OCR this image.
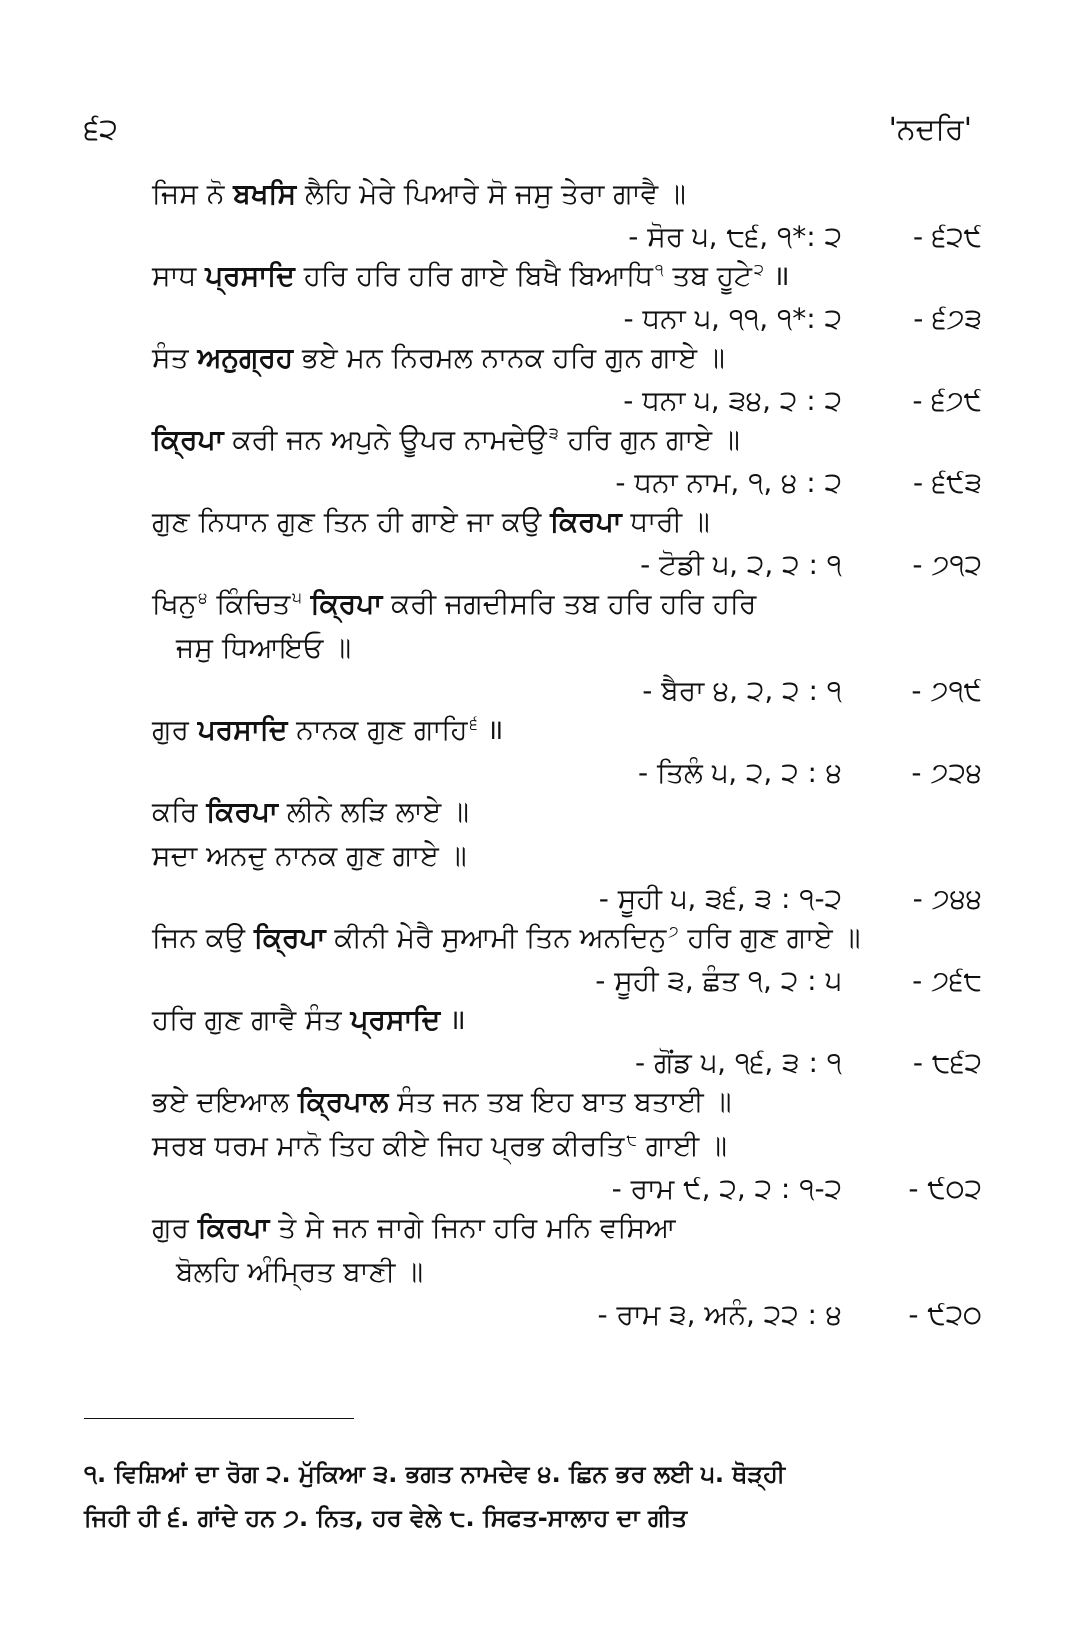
੬੨	'ਨਦਰਿ'
ਜਿਸ ਨੋ ਬਖਸਿ ਲੈਹਿ ਮੇਰੇ ਪਿਆਰੇ ਸੋ ਜਸੁ ਤੇਰਾ ਗਾਵੈ ॥
- ਸੋਰ ੫, ੮੬, ੧*: ੨	- ੬੨੯
ਸਾਧ ਪ੍ਰਸਾਦਿ ਹਰਿ ਹਰਿ ਹਰਿ ਗਾਏ ਬਿਖੈ ਬਿਆਧਿ $^੧$ ਤਬ ਹੂਟੇ $^੨$ ॥
- ਧਨਾ ੫, ੧੧, ੧*: ੨	- ੬੭੩
ਸੰਤ ਅਨੁਗ੍ਰਹ ਭਏ ਮਨ ਨਿਰਮਲ ਨਾਨਕ ਹਰਿ ਗੁਨ ਗਾਏ ॥
- ਧਨਾ ੫, ੩੪, ੨ : ੨	- ੬੭੯
ਕ੍ਰਿਪਾ ਕਰੀ ਜਨ ਅਪੁਨੇ ਊਪਰ ਨਾਮਦੇਉ $^੩$ ਹਰਿ ਗੁਨ ਗਾਏ ॥
- ਧਨਾ ਨਾਮ, ੧, ੪ : ੨	- ੬੯੩
ਗੁਣ ਨਿਧਾਨ ਗੁਣ ਤਿਨ ਹੀ ਗਾਏ ਜਾ ਕਉ ਕਿਰਪਾ ਧਾਰੀ ॥
- ਟੋਡੀ ੫, ੨, ੨ : ੧	- ੭੧੨
ਖਿਨੁ $^੪$ ਕਿੰਚਿਤ $^੫$ ਕ੍ਰਿਪਾ ਕਰੀ ਜਗਦੀਸਰਿ ਤਬ ਹਰਿ ਹਰਿ ਹਰਿ
ਜਸੁ ਧਿਆਇਓ ॥
- ਬੈਰਾ ੪, ੨, ੨ : ੧ - ੭੧੯
ਗੁਰ ਪਰਸਾਦਿ ਨਾਨਕ ਗੁਣ ਗਾਹਿ $^੬$ ॥
- ਤਿਲੰ ੫, ੨, ੨ : ੪ - ੭੨੪
ਕਰਿ ਕਿਰਪਾ ਲੀਨੇ ਲੜਿ ਲਾਏ ॥
ਸਦਾ ਅਨਦੁ ਨਾਨਕ ਗੁਣ ਗਾਏ ॥
- ਸੂਹੀ ੫, ੩੬, ੩ : ੧-੨	- ੭੪੪
ਜਿਨ ਕਉ ਕ੍ਰਿਪਾ ਕੀਨੀ ਮੇਰੈ ਸੁਆਮੀ ਤਿਨ ਅਨਦਿਨੁ $^੭$ ਹਰਿ ਗੁਣ ਗਾਏ ॥
- ਸੂਹੀ ੩, ਛੰਤ ੧, ੨ : ੫	- ੭੬੮
ਹਰਿ ਗੁਣ ਗਾਵੈ ਸੰਤ ਪ੍ਰਸਾਦਿ ॥
- ਗੋਂਡ ੫, ੧੬, ੩ : ੧	- ੮੬੨
ਭਏ ਦਇਆਲ ਕ੍ਰਿਪਾਲ ਸੰਤ ਜਨ ਤਬ ਇਹ ਬਾਤ ਬਤਾਈ ॥
ਸਰਬ ਧਰਮ ਮਾਨੋ ਤਿਹ ਕੀਏ ਜਿਹ ਪ੍ਰਭ ਕੀਰਤਿ $^੮$ ਗਾਈ ॥
- ਰਾਮ ੯, ੨, ੨ : ੧-੨ - ੯੦੨
ਗੁਰ ਕਿਰਪਾ ਤੇ ਸੇ ਜਨ ਜਾਗੇ ਜਿਨਾ ਹਰਿ ਮਨਿ ਵਸਿਆ
ਬੋਲਹਿ ਅੰਮ੍ਰਿਤ ਬਾਣੀ ॥
- ਰਾਮ ੩, ਅਨੰ, ੨੨ : ੪ - ੯੨੦
੧. ਵਿਸ਼ਿਆਂ ਦਾ ਰੋਗ ੨. ਮੁੱਕਿਆ ੩. ਭਗਤ ਨਾਮਦੇਵ ੪. ਛਿਨ ਭਰ ਲਈ ੫. ਥੋੜ੍ਹੀ
ਜਿਹੀ ਹੀ ੬. ਗਾਂਦੇ ਹਨ ੭. ਨਿਤ, ਹਰ ਵੇਲੇ ੮. ਸਿਫਤ-ਸਾਲਾਹ ਦਾ ਗੀਤ
